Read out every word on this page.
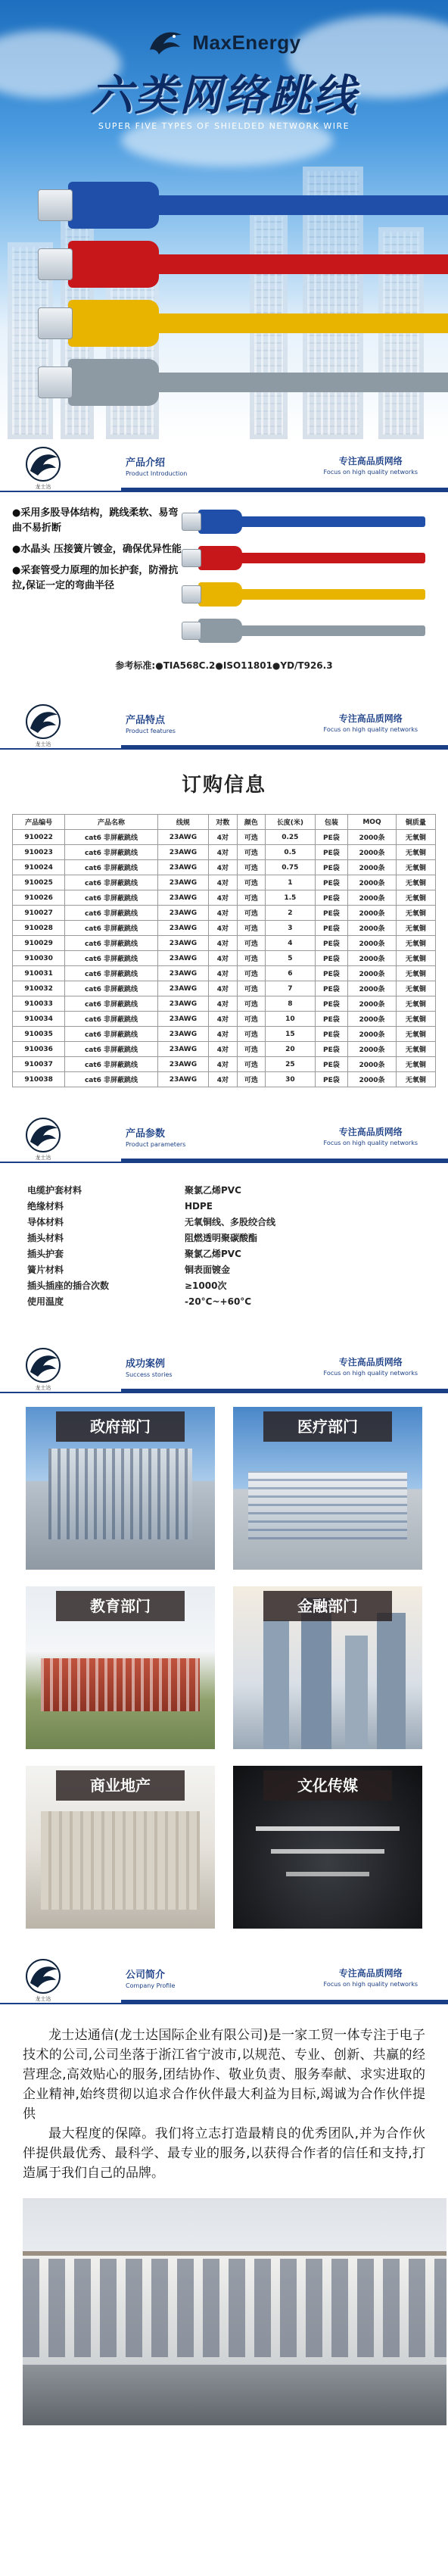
MaxEnergy
六类网络跳线
SUPER FIVE TYPES OF SHIELDED NETWORK WIRE
龙士达
产品介绍
Product Introduction
专注高品质网络
Focus on high quality networks
●采用多股导体结构，跳线柔软、易弯曲不易折断
●水晶头 压接簧片镀金，确保优异性能
●采套管受力原理的加长护套，防滑抗拉,保证一定的弯曲半径
参考标准:●TIA568C.2●ISO11801●YD/T926.3
龙士达
产品特点
Product features
专注高品质网络
Focus on high quality networks
订购信息
产品编号	产品名称	线规	对数	颜色	长度(米)	包装	MOQ	铜质量
910022	cat6 非屏蔽跳线	23AWG	4对	可选	0.25	PE袋	2000条	无氧铜
910023	cat6 非屏蔽跳线	23AWG	4对	可选	0.5	PE袋	2000条	无氧铜
910024	cat6 非屏蔽跳线	23AWG	4对	可选	0.75	PE袋	2000条	无氧铜
910025	cat6 非屏蔽跳线	23AWG	4对	可选	1	PE袋	2000条	无氧铜
910026	cat6 非屏蔽跳线	23AWG	4对	可选	1.5	PE袋	2000条	无氧铜
910027	cat6 非屏蔽跳线	23AWG	4对	可选	2	PE袋	2000条	无氧铜
910028	cat6 非屏蔽跳线	23AWG	4对	可选	3	PE袋	2000条	无氧铜
910029	cat6 非屏蔽跳线	23AWG	4对	可选	4	PE袋	2000条	无氧铜
910030	cat6 非屏蔽跳线	23AWG	4对	可选	5	PE袋	2000条	无氧铜
910031	cat6 非屏蔽跳线	23AWG	4对	可选	6	PE袋	2000条	无氧铜
910032	cat6 非屏蔽跳线	23AWG	4对	可选	7	PE袋	2000条	无氧铜
910033	cat6 非屏蔽跳线	23AWG	4对	可选	8	PE袋	2000条	无氧铜
910034	cat6 非屏蔽跳线	23AWG	4对	可选	10	PE袋	2000条	无氧铜
910035	cat6 非屏蔽跳线	23AWG	4对	可选	15	PE袋	2000条	无氧铜
910036	cat6 非屏蔽跳线	23AWG	4对	可选	20	PE袋	2000条	无氧铜
910037	cat6 非屏蔽跳线	23AWG	4对	可选	25	PE袋	2000条	无氧铜
910038	cat6 非屏蔽跳线	23AWG	4对	可选	30	PE袋	2000条	无氧铜
龙士达
产品参数
Product parameters
专注高品质网络
Focus on high quality networks
电缆护套材料	聚氯乙烯PVC
绝缘材料	HDPE
导体材料	无氧铜线、多股绞合线
插头材料	阻燃透明聚碳酸酯
插头护套	聚氯乙烯PVC
簧片材料	铜表面镀金
插头插座的插合次数	≥1000次
使用温度	-20°C~+60°C
龙士达
成功案例
Success stories
专注高品质网络
Focus on high quality networks
政府部门	医疗部门
教育部门	金融部门
商业地产	文化传媒
龙士达
公司简介
Company Profile
专注高品质网络
Focus on high quality networks

龙士达通信(龙士达国际企业有限公司)是一家工贸一体专注于电子技术的公司,公司坐落于浙江省宁波市,以规范、专业、创新、共赢的经营理念,高效贴心的服务,团结协作、敬业负责、服务奉献、求实进取的企业精神,始终贯彻以追求合作伙伴最大利益为目标,竭诚为合作伙伴提供

最大程度的保障。我们将立志打造最精良的优秀团队,并为合作伙伴提供最优秀、最科学、最专业的服务,以获得合作者的信任和支持,打造属于我们自己的品牌。
